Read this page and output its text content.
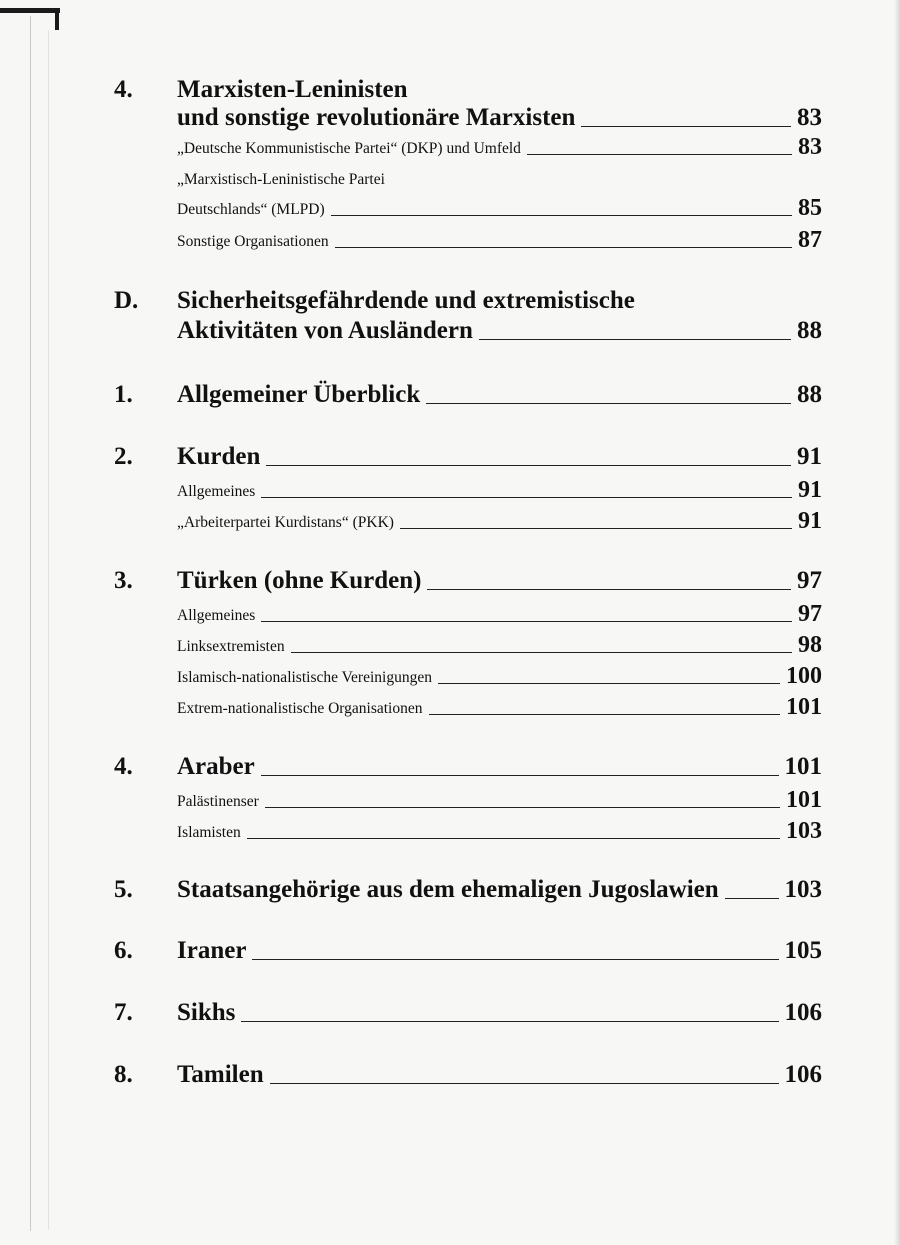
4. Marxisten-Leninisten
und sonstige revolutionäre Marxisten	83
„Deutsche Kommunistische Partei“ (DKP) und Umfeld	83
„Marxistisch-Leninistische Partei
Deutschlands“ (MLPD)	85
Sonstige Organisationen	87
D. Sicherheitsgefährdende und extremistische
Aktivitäten von Ausländern	88
1. Allgemeiner Überblick	88
2. Kurden	91
Allgemeines	91
„Arbeiterpartei Kurdistans“ (PKK)	91
3. Türken (ohne Kurden)	97
Allgemeines	97
Linksextremisten	98
Islamisch-nationalistische Vereinigungen	100
Extrem-nationalistische Organisationen	101
4. Araber	101
Palästinenser	101
Islamisten	103
5. Staatsangehörige aus dem ehemaligen Jugoslawien	103
6. Iraner	105
7. Sikhs	106
8. Tamilen	106
